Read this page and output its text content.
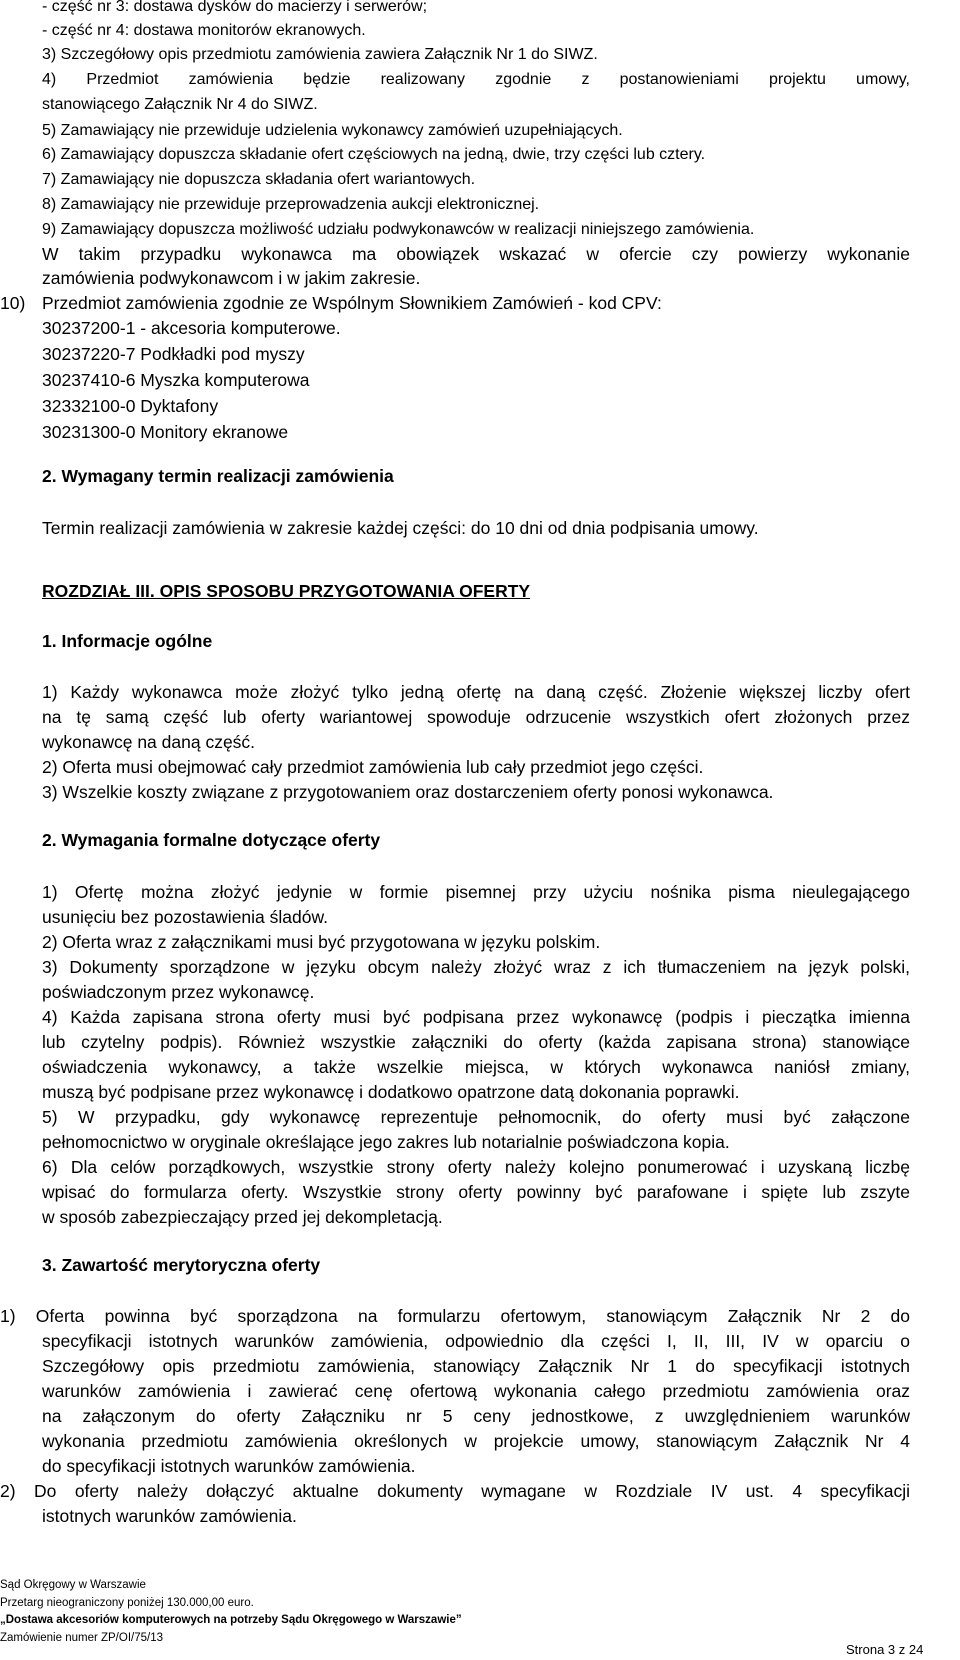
- część nr 3: dostawa dysków do macierzy i serwerów;
- część nr 4: dostawa monitorów ekranowych.
3) Szczegółowy opis przedmiotu zamówienia zawiera Załącznik Nr 1 do SIWZ.
4) Przedmiot zamówienia będzie realizowany zgodnie z postanowieniami projektu umowy,
stanowiącego Załącznik Nr 4 do SIWZ.
5) Zamawiający nie przewiduje udzielenia wykonawcy zamówień uzupełniających.
6) Zamawiający dopuszcza składanie ofert częściowych na jedną, dwie, trzy części lub cztery.
7) Zamawiający nie dopuszcza składania ofert wariantowych.
8) Zamawiający nie przewiduje przeprowadzenia aukcji elektronicznej.
9) Zamawiający dopuszcza możliwość udziału podwykonawców w realizacji niniejszego zamówienia.
W takim przypadku wykonawca ma obowiązek wskazać w ofercie czy powierzy wykonanie
zamówienia podwykonawcom i w jakim zakresie.
10) Przedmiot zamówienia zgodnie ze Wspólnym Słownikiem Zamówień - kod CPV:
30237200-1 - akcesoria komputerowe.
30237220-7 Podkładki pod myszy
30237410-6 Myszka komputerowa
32332100-0 Dyktafony
30231300-0 Monitory ekranowe
2. Wymagany termin realizacji zamówienia
Termin realizacji zamówienia w zakresie każdej części: do 10 dni od dnia podpisania umowy.
ROZDZIAŁ III. OPIS SPOSOBU PRZYGOTOWANIA OFERTY
1. Informacje ogólne
1) Każdy wykonawca może złożyć tylko jedną ofertę na daną część. Złożenie większej liczby ofert
na tę samą część lub oferty wariantowej spowoduje odrzucenie wszystkich ofert złożonych przez
wykonawcę na daną część.
2) Oferta musi obejmować cały przedmiot zamówienia lub cały przedmiot jego części.
3) Wszelkie koszty związane z przygotowaniem oraz dostarczeniem oferty ponosi wykonawca.
2. Wymagania formalne dotyczące oferty
1) Ofertę można złożyć jedynie w formie pisemnej przy użyciu nośnika pisma nieulegającego
usunięciu bez pozostawienia śladów.
2) Oferta wraz z załącznikami musi być przygotowana w języku polskim.
3) Dokumenty sporządzone w języku obcym należy złożyć wraz z ich tłumaczeniem na język polski,
poświadczonym przez wykonawcę.
4) Każda zapisana strona oferty musi być podpisana przez wykonawcę (podpis i pieczątka imienna
lub czytelny podpis). Również wszystkie załączniki do oferty (każda zapisana strona) stanowiące
oświadczenia wykonawcy, a także wszelkie miejsca, w których wykonawca naniósł zmiany,
muszą być podpisane przez wykonawcę i dodatkowo opatrzone datą dokonania poprawki.
5) W przypadku, gdy wykonawcę reprezentuje pełnomocnik, do oferty musi być załączone
pełnomocnictwo w oryginale określające jego zakres lub notarialnie poświadczona kopia.
6) Dla celów porządkowych, wszystkie strony oferty należy kolejno ponumerować i uzyskaną liczbę
wpisać do formularza oferty. Wszystkie strony oferty powinny być parafowane i spięte lub zszyte
w sposób zabezpieczający przed jej dekompletacją.
3. Zawartość merytoryczna oferty
1) Oferta powinna być sporządzona na formularzu ofertowym, stanowiącym Załącznik Nr 2 do
specyfikacji istotnych warunków zamówienia, odpowiednio dla części I, II, III, IV w oparciu o
Szczegółowy opis przedmiotu zamówienia, stanowiący Załącznik Nr 1 do specyfikacji istotnych
warunków zamówienia i zawierać cenę ofertową wykonania całego przedmiotu zamówienia oraz
na załączonym do oferty Załączniku nr 5 ceny jednostkowe, z uwzględnieniem warunków
wykonania przedmiotu zamówienia określonych w projekcie umowy, stanowiącym Załącznik Nr 4
do specyfikacji istotnych warunków zamówienia.
2) Do oferty należy dołączyć aktualne dokumenty wymagane w Rozdziale IV ust. 4 specyfikacji
istotnych warunków zamówienia.
Sąd Okręgowy w Warszawie
Przetarg nieograniczony poniżej 130.000,00 euro.
„Dostawa akcesoriów komputerowych na potrzeby Sądu Okręgowego w Warszawie”
Zamówienie numer ZP/OI/75/13
Strona 3 z 24
